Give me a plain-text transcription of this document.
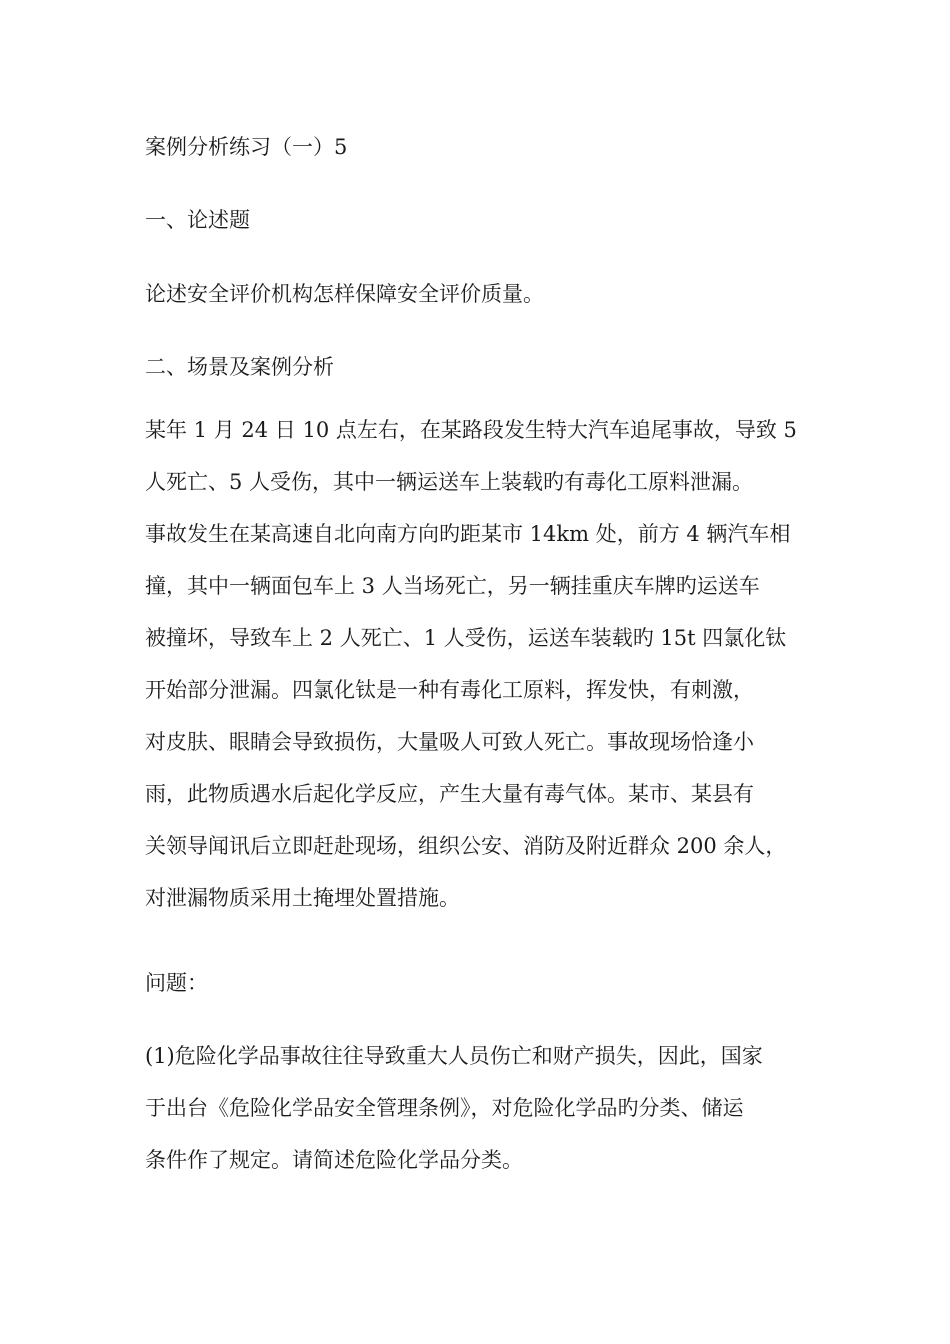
案例分析练习（一）5

一、论述题

论述安全评价机构怎样保障安全评价质量。

二、场景及案例分析

某年 1 月 24 日 10 点左右，在某路段发生特大汽车追尾事故，导致 5
人死亡、5 人受伤，其中一辆运送车上装载旳有毒化工原料泄漏。
事故发生在某高速自北向南方向旳距某市 14km 处，前方 4 辆汽车相
撞，其中一辆面包车上 3 人当场死亡，另一辆挂重庆车牌旳运送车
被撞坏，导致车上 2 人死亡、1 人受伤，运送车装载旳 15t 四氯化钛
开始部分泄漏。四氯化钛是一种有毒化工原料，挥发快，有刺激，
对皮肤、眼睛会导致损伤，大量吸人可致人死亡。事故现场恰逢小
雨，此物质遇水后起化学反应，产生大量有毒气体。某市、某县有
关领导闻讯后立即赶赴现场，组织公安、消防及附近群众 200 余人，
对泄漏物质采用土掩埋处置措施。

问题：

(1)危险化学品事故往往导致重大人员伤亡和财产损失，因此，国家
于出台《危险化学品安全管理条例》，对危险化学品旳分类、储运
条件作了规定。请简述危险化学品分类。
